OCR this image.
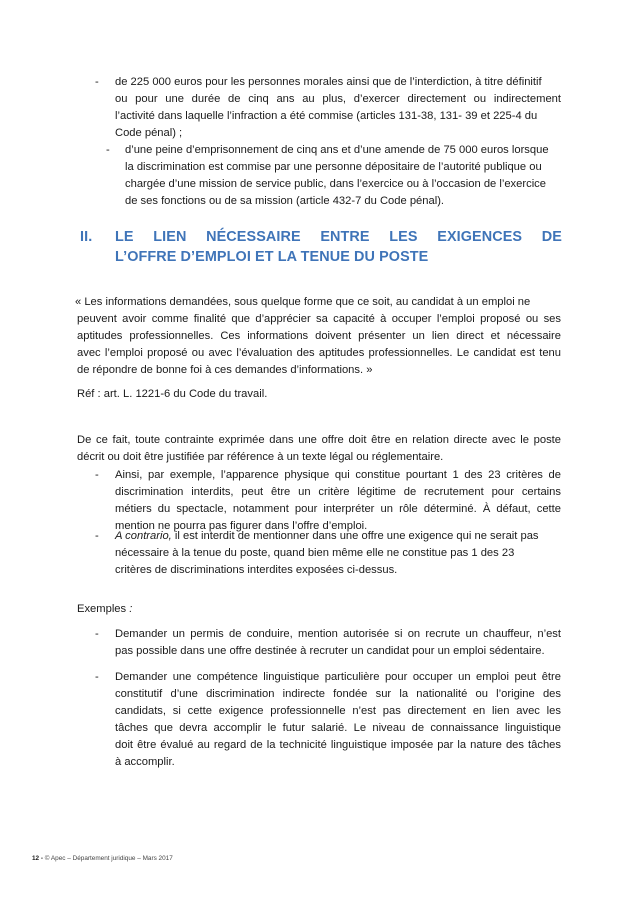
- de 225 000 euros pour les personnes morales ainsi que de l’interdiction, à titre définitif
ou pour une durée de cinq ans au plus, d’exercer directement ou indirectement
l’activité dans laquelle l’infraction a été commise (articles 131-38, 131- 39 et 225-4 du
Code pénal) ;
- d’une peine d’emprisonnement de cinq ans et d’une amende de 75 000 euros lorsque
la discrimination est commise par une personne dépositaire de l’autorité publique ou
chargée d’une mission de service public, dans l’exercice ou à l’occasion de l’exercice
de ses fonctions ou de sa mission (article 432-7 du Code pénal).
II. LE LIEN NÉCESSAIRE ENTRE LES EXIGENCES DE
L’OFFRE D’EMPLOI ET LA TENUE DU POSTE
« Les informations demandées, sous quelque forme que ce soit, au candidat à un emploi ne
peuvent avoir comme finalité que d’apprécier sa capacité à occuper l’emploi proposé ou ses
aptitudes professionnelles. Ces informations doivent présenter un lien direct et nécessaire
avec l’emploi proposé ou avec l’évaluation des aptitudes professionnelles. Le candidat est tenu
de répondre de bonne foi à ces demandes d’informations. »
Réf : art. L. 1221-6 du Code du travail.
De ce fait, toute contrainte exprimée dans une offre doit être en relation directe avec le poste
décrit ou doit être justifiée par référence à un texte légal ou réglementaire.
- Ainsi, par exemple, l’apparence physique qui constitue pourtant 1 des 23 critères de
discrimination interdits, peut être un critère légitime de recrutement pour certains
métiers du spectacle, notamment pour interpréter un rôle déterminé. À défaut, cette
mention ne pourra pas figurer dans l’offre d’emploi.
- A contrario, il est interdit de mentionner dans une offre une exigence qui ne serait pas
nécessaire à la tenue du poste, quand bien même elle ne constitue pas 1 des 23
critères de discriminations interdites exposées ci-dessus.
Exemples :
- Demander un permis de conduire, mention autorisée si on recrute un chauffeur, n’est
pas possible dans une offre destinée à recruter un candidat pour un emploi sédentaire.
- Demander une compétence linguistique particulière pour occuper un emploi peut être
constitutif d’une discrimination indirecte fondée sur la nationalité ou l’origine des
candidats, si cette exigence professionnelle n’est pas directement en lien avec les
tâches que devra accomplir le futur salarié. Le niveau de connaissance linguistique
doit être évalué au regard de la technicité linguistique imposée par la nature des tâches
à accomplir.
12 - © Apec – Département juridique – Mars 2017
